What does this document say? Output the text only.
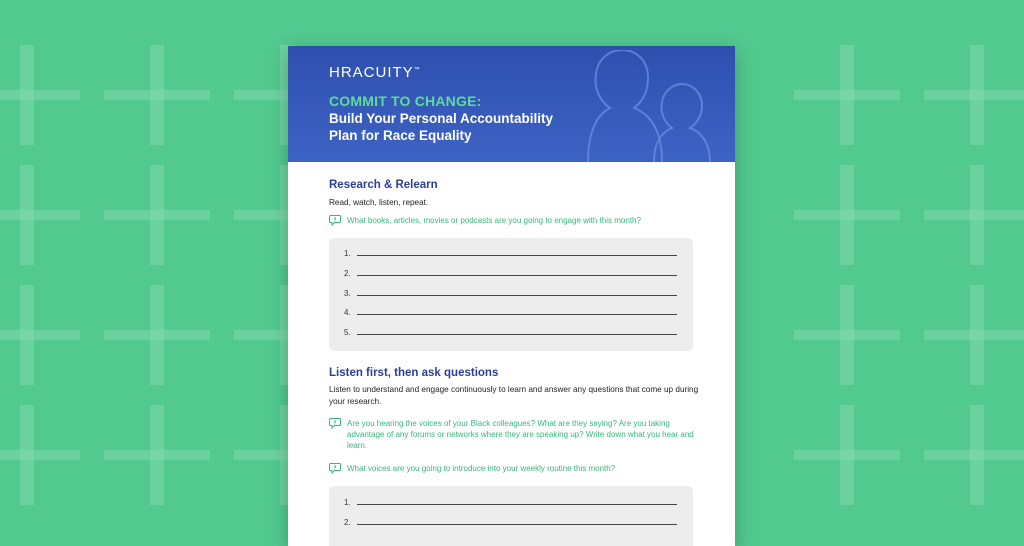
HRACUITY™
COMMIT TO CHANGE:
Build Your Personal Accountability
Plan for Race Equality
Research & Relearn
Read, watch, listen, repeat.
? What books, articles, movies or podcasts are you going to engage with this month?
1.
2.
3.
4.
5.
Listen first, then ask questions
Listen to understand and engage continuously to learn and answer any questions that come up during your research.
? Are you hearing the voices of your Black colleagues? What are they saying? Are you taking advantage of any forums or networks where they are speaking up? Write down what you hear and learn.
? What voices are you going to introduce into your weekly routine this month?
1.
2.
